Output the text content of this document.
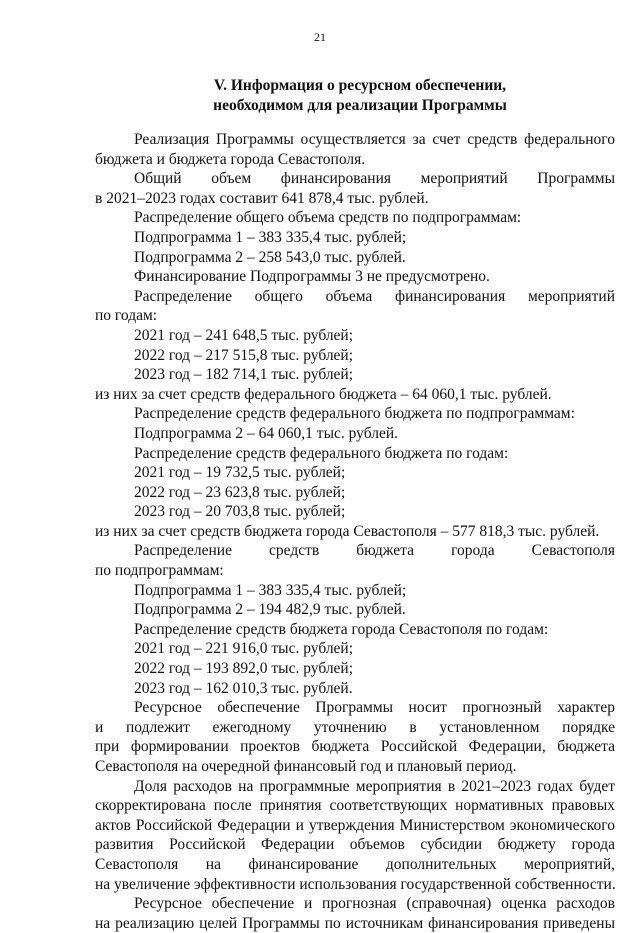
21
V. Информация о ресурсном обеспечении,
необходимом для реализации Программы
Реализация Программы осуществляется за счет средств федерального
бюджета и бюджета города Севастополя.
Общий объем финансирования мероприятий Программы
в 2021–2023 годах составит 641 878,4 тыс. рублей.
Распределение общего объема средств по подпрограммам:
Подпрограмма 1 – 383 335,4 тыс. рублей;
Подпрограмма 2 – 258 543,0 тыс. рублей.
Финансирование Подпрограммы 3 не предусмотрено.
Распределение общего объема финансирования мероприятий
по годам:
2021 год – 241 648,5 тыс. рублей;
2022 год – 217 515,8 тыс. рублей;
2023 год – 182 714,1 тыс. рублей;
из них за счет средств федерального бюджета – 64 060,1 тыс. рублей.
Распределение средств федерального бюджета по подпрограммам:
Подпрограмма 2 – 64 060,1 тыс. рублей.
Распределение средств федерального бюджета по годам:
2021 год – 19 732,5 тыс. рублей;
2022 год – 23 623,8 тыс. рублей;
2023 год – 20 703,8 тыс. рублей;
из них за счет средств бюджета города Севастополя – 577 818,3 тыс. рублей.
Распределение средств бюджета города Севастополя
по подпрограммам:
Подпрограмма 1 – 383 335,4 тыс. рублей;
Подпрограмма 2 – 194 482,9 тыс. рублей.
Распределение средств бюджета города Севастополя по годам:
2021 год – 221 916,0 тыс. рублей;
2022 год – 193 892,0 тыс. рублей;
2023 год – 162 010,3 тыс. рублей.
Ресурсное обеспечение Программы носит прогнозный характер
и подлежит ежегодному уточнению в установленном порядке
при формировании проектов бюджета Российской Федерации, бюджета
Севастополя на очередной финансовый год и плановый период.
Доля расходов на программные мероприятия в 2021–2023 годах будет
скорректирована после принятия соответствующих нормативных правовых
актов Российской Федерации и утверждения Министерством экономического
развития Российской Федерации объемов субсидии бюджету города
Севастополя на финансирование дополнительных мероприятий,
на увеличение эффективности использования государственной собственности.
Ресурсное обеспечение и прогнозная (справочная) оценка расходов
на реализацию целей Программы по источникам финансирования приведены
